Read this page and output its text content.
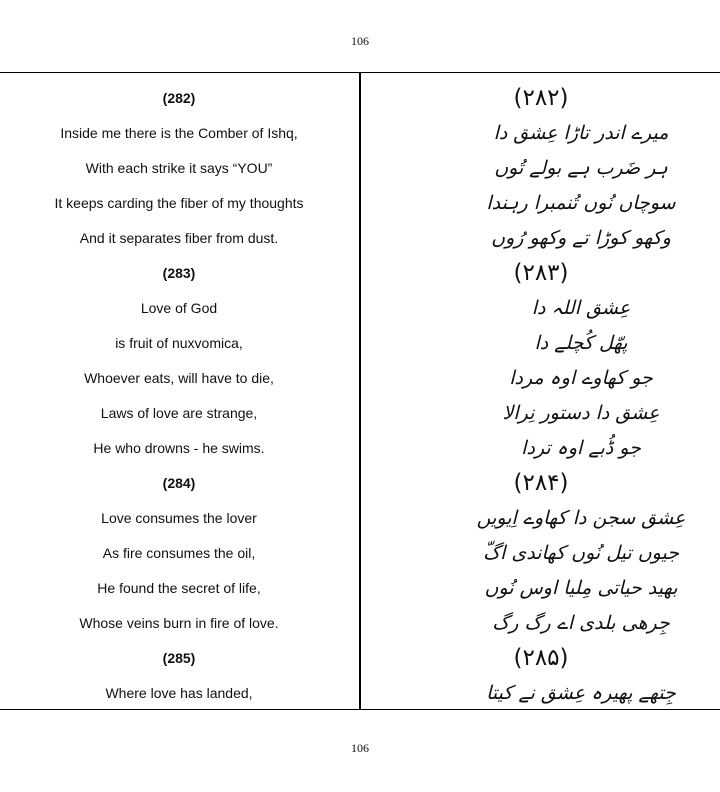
106
(282)
Inside me there is the Comber of Ishq,
With each strike it says “YOU”
It keeps carding the fiber of my thoughts
And it separates fiber from dust.
(283)
Love of God
is fruit of nuxvomica,
Whoever eats, will have to die,
Laws of love are strange,
He who drowns - he swims.
(284)
Love consumes the lover
As fire consumes the oil,
He found the secret of life,
Whose veins burn in fire of love.
(285)
Where love has landed,
(۲۸۲)
میرے اندر تاڑا عِشق دا
ہر ضَرب ہے بولے تُوں
سوچاں نُوں تُنمبرا رہندا
وکھو کوڑا تے وکھو رُوں
(۲۸۳)
عِشق اللہ دا
پھّل کُچلے دا
جو کھاوے اوہ مردا
عِشق دا دستور نِرالا
جو ڈُبے اوہ تردا
(۲۸۴)
عِشق سجن دا کھاوے اِیویں
جیوں تیل نُوں کھاندی اگّ
بھید حیاتی مِلیا اوس نُوں
جِرھی بلدی اے رگ رگ
(۲۸۵)
جِتھے پھیرہ عِشق نے کیتا
106
